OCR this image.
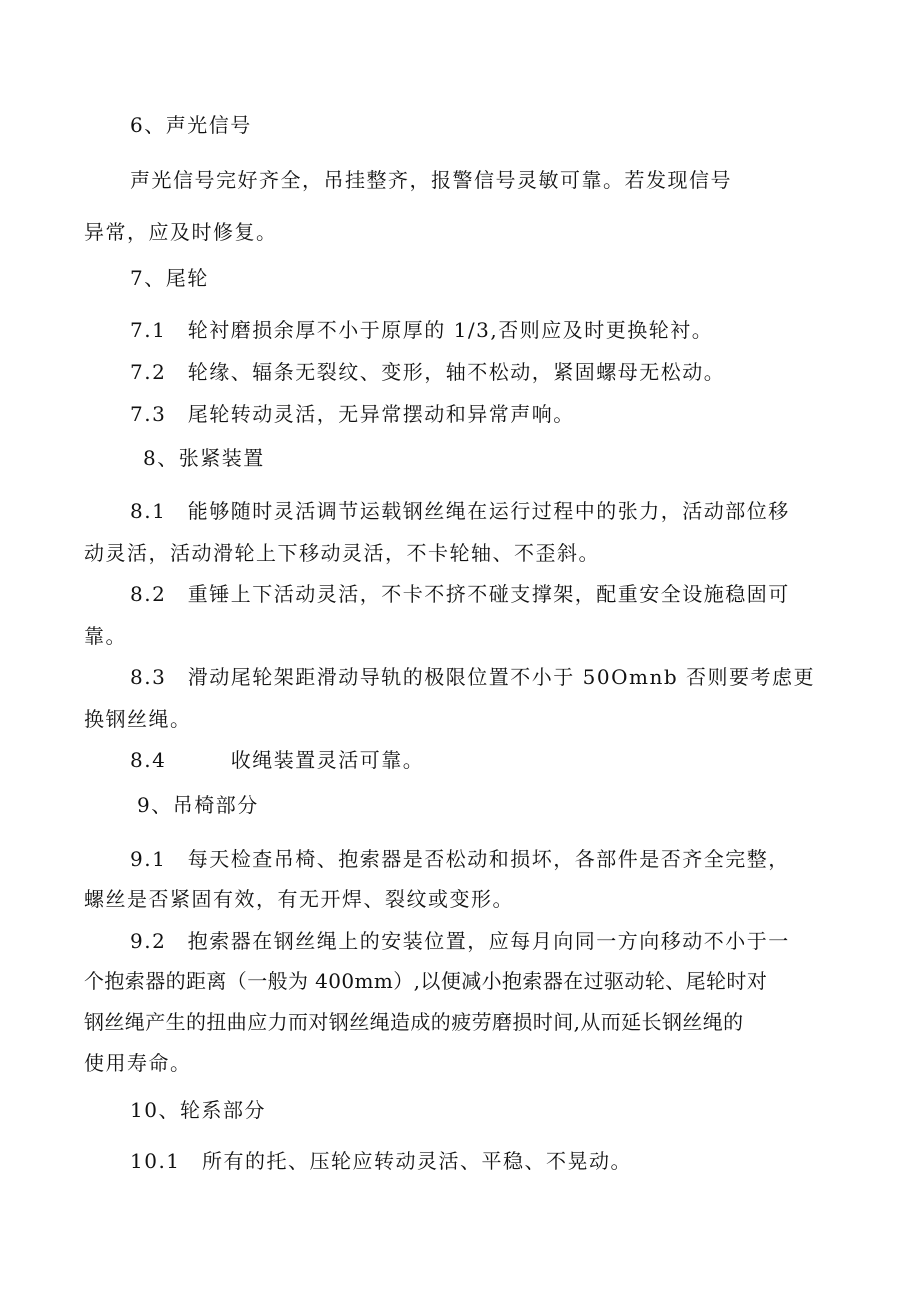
6、声光信号
声光信号完好齐全，吊挂整齐，报警信号灵敏可靠。若发现信号
异常，应及时修复。
7、尾轮
7.1　轮衬磨损余厚不小于原厚的 1/3,否则应及时更换轮衬。
7.2　轮缘、辐条无裂纹、变形，轴不松动，紧固螺母无松动。
7.3　尾轮转动灵活，无异常摆动和异常声响。
8、张紧装置
8.1　能够随时灵活调节运载钢丝绳在运行过程中的张力，活动部位移
动灵活，活动滑轮上下移动灵活，不卡轮轴、不歪斜。
8.2　重锤上下活动灵活，不卡不挤不碰支撑架，配重安全设施稳固可
靠。
8.3　滑动尾轮架距滑动导轨的极限位置不小于 50Omnb 否则要考虑更
换钢丝绳。
8.4　　　收绳装置灵活可靠。
9、吊椅部分
9.1　每天检查吊椅、抱索器是否松动和损坏，各部件是否齐全完整，
螺丝是否紧固有效，有无开焊、裂纹或变形。
9.2　抱索器在钢丝绳上的安装位置，应每月向同一方向移动不小于一
个抱索器的距离（一般为 400mm）,以便减小抱索器在过驱动轮、尾轮时对
钢丝绳产生的扭曲应力而对钢丝绳造成的疲劳磨损时间,从而延长钢丝绳的
使用寿命。
10、轮系部分
10.1　所有的托、压轮应转动灵活、平稳、不晃动。
